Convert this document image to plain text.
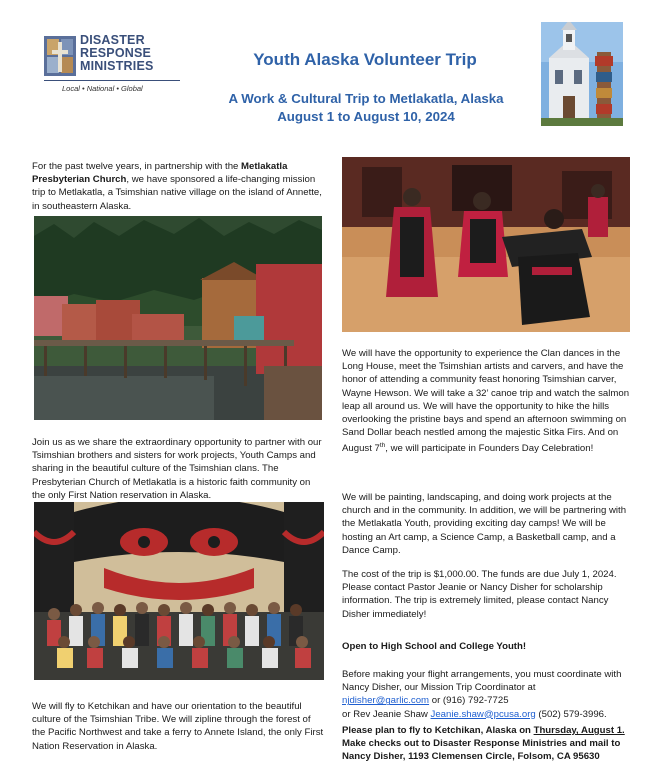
DISASTER
RESPONSE
MINISTRIES
Local • National • Global
Youth Alaska Volunteer Trip
A Work & Cultural Trip to Metlakatla, Alaska
August 1 to August 10, 2024
For the past twelve years, in partnership with the Metlakatla Presbyterian Church, we have sponsored a life-changing mission trip to Metlakatla, a Tsimshian native village on the island of Annette, in southeastern Alaska.
Join us as we share the extraordinary opportunity to partner with our Tsimshian brothers and sisters for work projects, Youth Camps and sharing in the beautiful culture of the Tsimshian clans. The Presbyterian Church of Metlakatla is a historic faith community on the only First Nation reservation in Alaska.
We will fly to Ketchikan and have our orientation to the beautiful culture of the Tsimshian Tribe. We will zipline through the forest of the Pacific Northwest and take a ferry to Annete Island, the only First Nation Reservation in Alaska.
We will have the opportunity to experience the Clan dances in the Long House, meet the Tsimshian artists and carvers, and have the honor of attending a community feast honoring Tsimshian carver, Wayne Hewson. We will take a 32’ canoe trip and watch the salmon leap all around us. We will have the opportunity to hike the hills overlooking the pristine bays and spend an afternoon swimming on Sand Dollar beach nestled among the majestic Sitka Firs. And on August 7th, we will participate in Founders Day Celebration!
We will be painting, landscaping, and doing work projects at the church and in the community. In addition, we will be partnering with the Metlakatla Youth, providing exciting day camps! We will be hosting an Art camp, a Science Camp, a Basketball camp, and a Dance Camp.
The cost of the trip is $1,000.00. The funds are due July 1, 2024. Please contact Pastor Jeanie or Nancy Disher for scholarship information. The trip is extremely limited, please contact Nancy Disher immediately!
Open to High School and College Youth!
Before making your flight arrangements, you must coordinate with Nancy Disher, our Mission Trip Coordinator at
njdisher@garlic.com or (916) 792-7725
or Rev Jeanie Shaw Jeanie.shaw@pcusa.org (502) 579-3996.
Please plan to fly to Ketchikan, Alaska on Thursday, August 1. Make checks out to Disaster Response Ministries and mail to Nancy Disher, 1193 Clemensen Circle, Folsom, CA 95630
